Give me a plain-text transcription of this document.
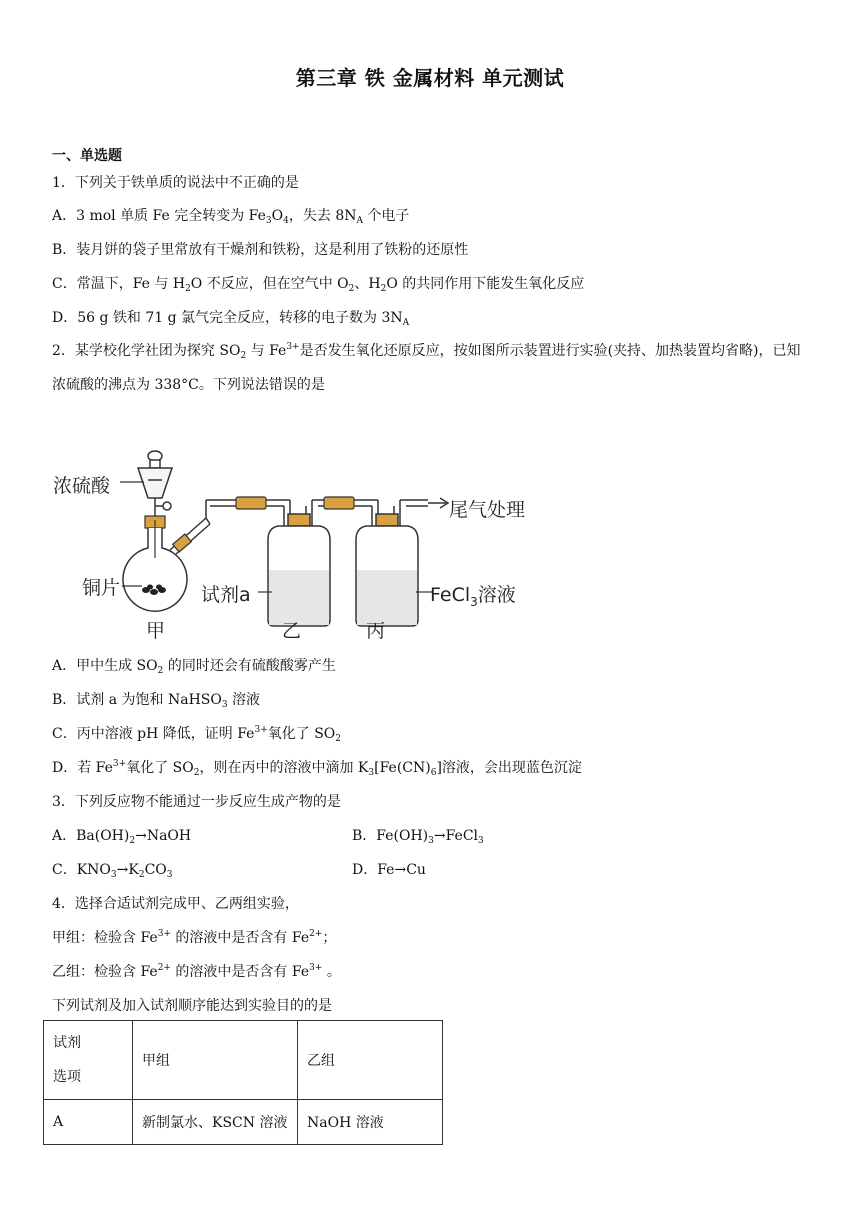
第三章 铁 金属材料 单元测试
一、单选题
1．下列关于铁单质的说法中不正确的是
A．3 mol 单质 Fe 完全转变为 $Fe_3O_4$，失去 $8N_A$ 个电子
B．装月饼的袋子里常放有干燥剂和铁粉，这是利用了铁粉的还原性
C．常温下，Fe 与 $H_2O$ 不反应，但在空气中 $O_2$、$H_2O$ 的共同作用下能发生氧化反应
D．56 g 铁和 71 g 氯气完全反应，转移的电子数为 $3N_A$
2．某学校化学社团为探究 $SO_2$ 与 $Fe^{3+}$是否发生氧化还原反应，按如图所示装置进行实验(夹持、加热装置均省略)，已知浓硫酸的沸点为 338°C。下列说法错误的是
浓硫酸
铜片	试剂a	FeCl$_3$溶液
尾气处理
甲	乙	丙
A．甲中生成 $SO_2$ 的同时还会有硫酸酸雾产生
B．试剂 a 为饱和 NaHSO$_3$ 溶液
C．丙中溶液 pH 降低，证明 $Fe^{3+}$氧化了 $SO_2$
D．若 $Fe^{3+}$氧化了 $SO_2$，则在丙中的溶液中滴加 $K_3[Fe(CN)_6]$溶液，会出现蓝色沉淀
3．下列反应物不能通过一步反应生成产物的是
A．$Ba(OH)_2\to NaOH$	B．$Fe(OH)_3\to FeCl_3$
C．$KNO_3\to K_2CO_3$	D．Fe→Cu
4．选择合适试剂完成甲、乙两组实验，
甲组：检验含 $Fe^{3+}$ 的溶液中是否含有 $Fe^{2+}$；
乙组：检验含 $Fe^{2+}$ 的溶液中是否含有 $Fe^{3+}$ 。
下列试剂及加入试剂顺序能达到实验目的的是
试剂
选项	甲组	乙组
A	新制氯水、KSCN 溶液	NaOH 溶液
